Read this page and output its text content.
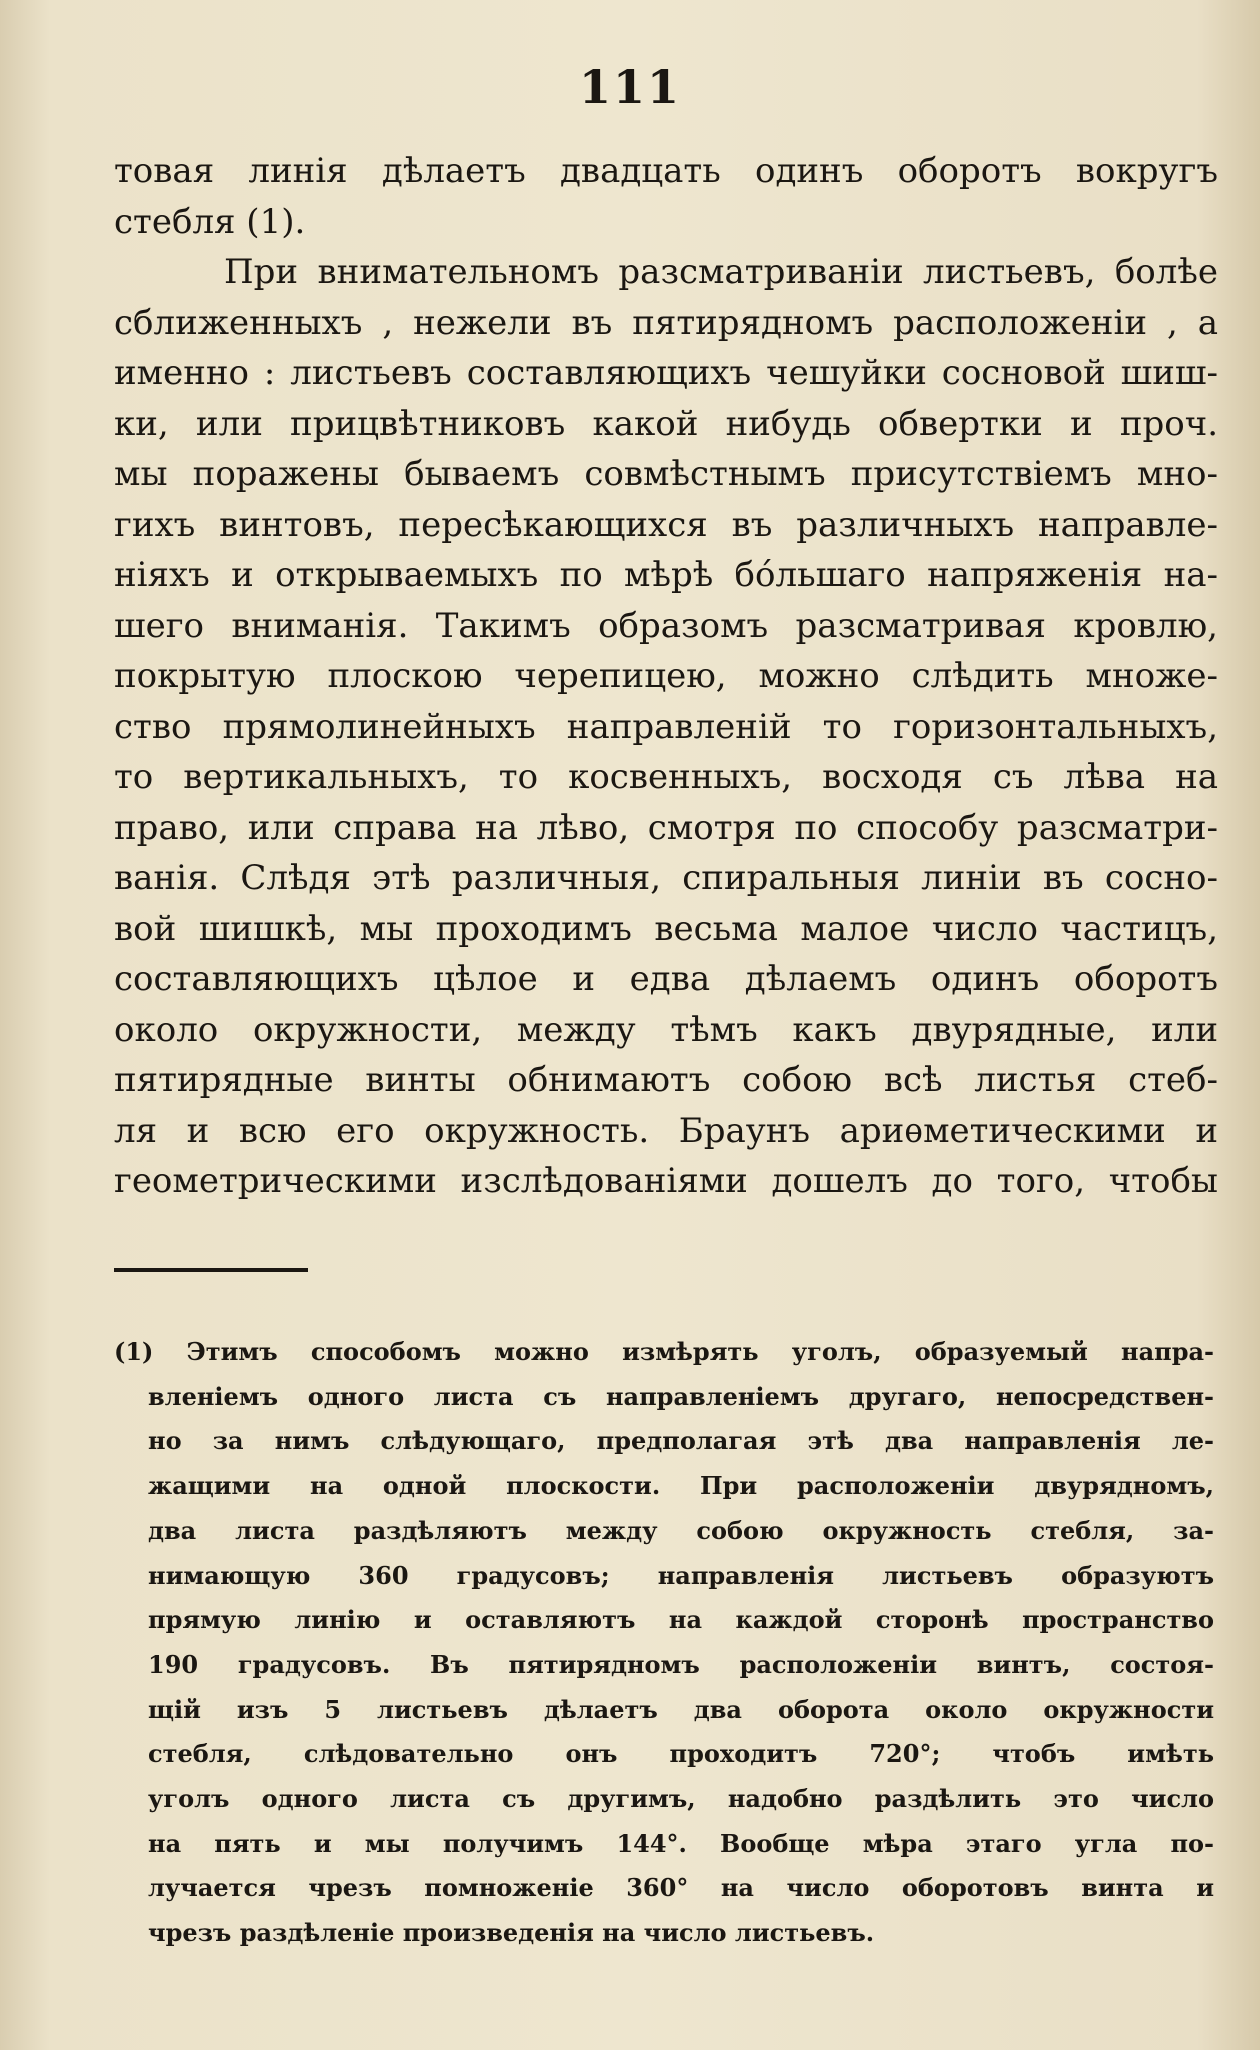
111
товая линія дѣлаетъ двадцать одинъ оборотъ вокругъ
стебля (1).
При внимательномъ разсматриваніи листьевъ, болѣе
сближенныхъ , нежели въ пятирядномъ расположеніи , а
именно : листьевъ составляющихъ чешуйки сосновой шиш-
ки, или прицвѣтниковъ какой нибудь обвертки и проч.
мы поражены бываемъ совмѣстнымъ присутствіемъ мно-
гихъ винтовъ, пересѣкающихся въ различныхъ направле-
ніяхъ и открываемыхъ по мѣрѣ бóльшаго напряженія на-
шего вниманія. Такимъ образомъ разсматривая кровлю,
покрытую плоскою черепицею, можно слѣдить множе-
ство прямолинейныхъ направленій то горизонтальныхъ,
то вертикальныхъ, то косвенныхъ, восходя съ лѣва на
право, или справа на лѣво, смотря по способу разсматри-
ванія. Слѣдя этѣ различныя, спиральныя линіи въ сосно-
вой шишкѣ, мы проходимъ весьма малое число частицъ,
составляющихъ цѣлое и едва дѣлаемъ одинъ оборотъ
около окружности, между тѣмъ какъ двурядные, или
пятирядные винты обнимаютъ собою всѣ листья стеб-
ля и всю его окружность. Браунъ ариѳметическими и
геометрическими изслѣдованіями дошелъ до того, чтобы
(1) Этимъ способомъ можно измѣрять уголъ, образуемый напра-
вленіемъ одного листа съ направленіемъ другаго, непосредствен-
но за нимъ слѣдующаго, предполагая этѣ два направленія ле-
жащими на одной плоскости. При расположеніи двурядномъ,
два листа раздѣляютъ между собою окружность стебля, за-
нимающую 360 градусовъ; направленія листьевъ образуютъ
прямую линію и оставляютъ на каждой сторонѣ пространство
190 градусовъ. Въ пятирядномъ расположеніи винтъ, состоя-
щій изъ 5 листьевъ дѣлаетъ два оборота около окружности
стебля, слѣдовательно онъ проходитъ 720°; чтобъ имѣть
уголъ одного листа съ другимъ, надобно раздѣлить это число
на пять и мы получимъ 144°. Вообще мѣра этаго угла по-
лучается чрезъ помноженіе 360° на число оборотовъ винта и
чрезъ раздѣленіе произведенія на число листьевъ.
